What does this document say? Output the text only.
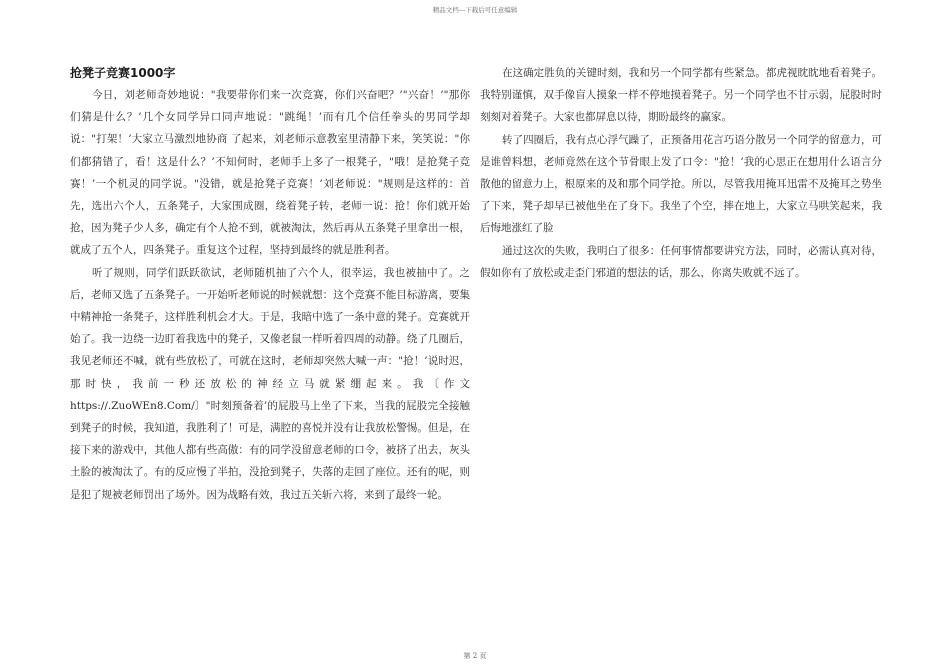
精品文档---下载后可任意编辑
抢凳子竞赛1000字

今日，刘老师奇妙地说："我要带你们来一次竞赛，你们兴奋吧？’"兴奋！’"那你们猜是什么？’几个女同学异口同声地说："跳绳！’而有几个信任拳头的男同学却说："打架！’大家立马激烈地协商 了起来，刘老师示意教室里清静下来，笑笑说："你们都猜错了，看！这是什么？’不知何时，老师手上多了一根凳子，"哦！是抢凳子竞赛！’一个机灵的同学说。"没错，就是抢凳子竞赛！’刘老师说："规则是这样的：首先，选出六个人，五条凳子，大家围成圈，绕着凳子转，老师一说：抢！你们就开始抢，因为凳子少人多，确定有个人抢不到，就被淘汰，然后再从五条凳子里拿出一根，就成了五个人，四条凳子。重复这个过程，坚持到最终的就是胜利者。

听了规则，同学们跃跃欲试，老师随机抽了六个人，很幸运，我也被抽中了。之后，老师又选了五条凳子。一开始听老师说的时候就想：这个竞赛不能目标游离，要集中精神抢一条凳子，这样胜利机会才大。于是，我暗中选了一条中意的凳子。竞赛就开始了。我一边绕一边盯着我选中的凳子，又像老鼠一样听着四周的动静。绕了几圈后，我见老师还不喊，就有些放松了，可就在这时，老师却突然大喊一声："抢！’说时迟，那时快，我前一秒还放松的神经立马就紧绷起来。我〔作文https://.ZuoWEn8.Com/〕"时刻预备着’的屁股马上坐了下来，当我的屁股完全接触到凳子的时候，我知道，我胜利了！可是，满腔的喜悦并没有让我放松警惕。但是，在接下来的游戏中，其他人都有些高傲：有的同学没留意老师的口令，被挤了出去，灰头土脸的被淘汰了。有的反应慢了半拍，没抢到凳子，失落的走回了座位。还有的呢，则是犯了规被老师罚出了场外。因为战略有效，我过五关斩六将，来到了最终一轮。

在这确定胜负的关键时刻，我和另一个同学都有些紧急。都虎视眈眈地看着凳子。我特别谨慎，双手像盲人摸象一样不停地摸着凳子。另一个同学也不甘示弱，屁股时时刻刻对着凳子。大家也都屏息以待，期盼最终的赢家。

转了四圈后，我有点心浮气躁了，正预备用花言巧语分散另一个同学的留意力，可是谁曾料想，老师竟然在这个节骨眼上发了口令："抢！’我的心思正在想用什么语言分散他的留意力上，根原来的及和那个同学抢。所以，尽管我用掩耳迅雷不及掩耳之势坐了下来，凳子却早已被他坐在了身下。我坐了个空，摔在地上，大家立马哄笑起来，我后悔地涨红了脸

通过这次的失败，我明白了很多：任何事情都要讲究方法，同时，必需认真对待，假如你有了放松或走歪门邪道的想法的话，那么，你离失败就不远了。

第 2 页
